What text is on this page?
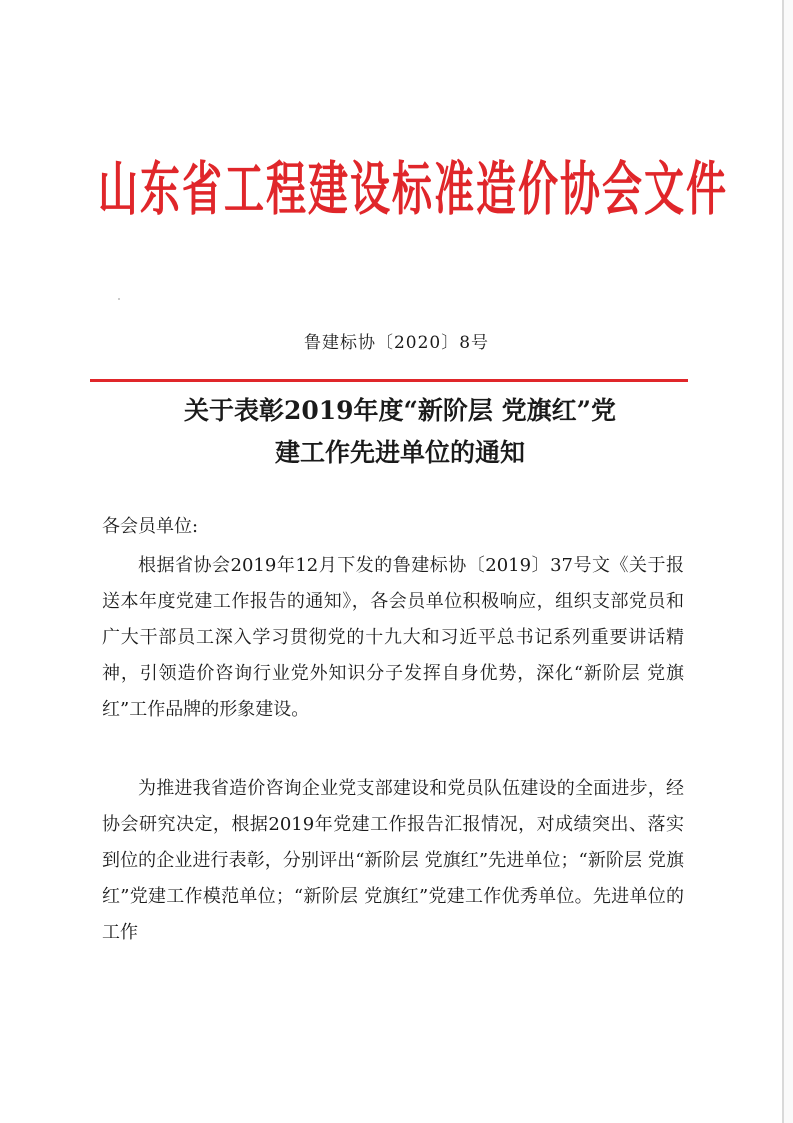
山东省工程建设标准造价协会文件
鲁建标协〔2020〕8号
关于表彰2019年度“新阶层 党旗红”党
建工作先进单位的通知
各会员单位:

根据省协会2019年12月下发的鲁建标协〔2019〕37号文《关于报送本年度党建工作报告的通知》，各会员单位积极响应，组织支部党员和广大干部员工深入学习贯彻党的十九大和习近平总书记系列重要讲话精神，引领造价咨询行业党外知识分子发挥自身优势，深化“新阶层 党旗红”工作品牌的形象建设。

为推进我省造价咨询企业党支部建设和党员队伍建设的全面进步，经协会研究决定，根据2019年党建工作报告汇报情况，对成绩突出、落实到位的企业进行表彰，分别评出“新阶层 党旗红”先进单位；“新阶层 党旗红”党建工作模范单位；“新阶层 党旗红”党建工作优秀单位。先进单位的工作
